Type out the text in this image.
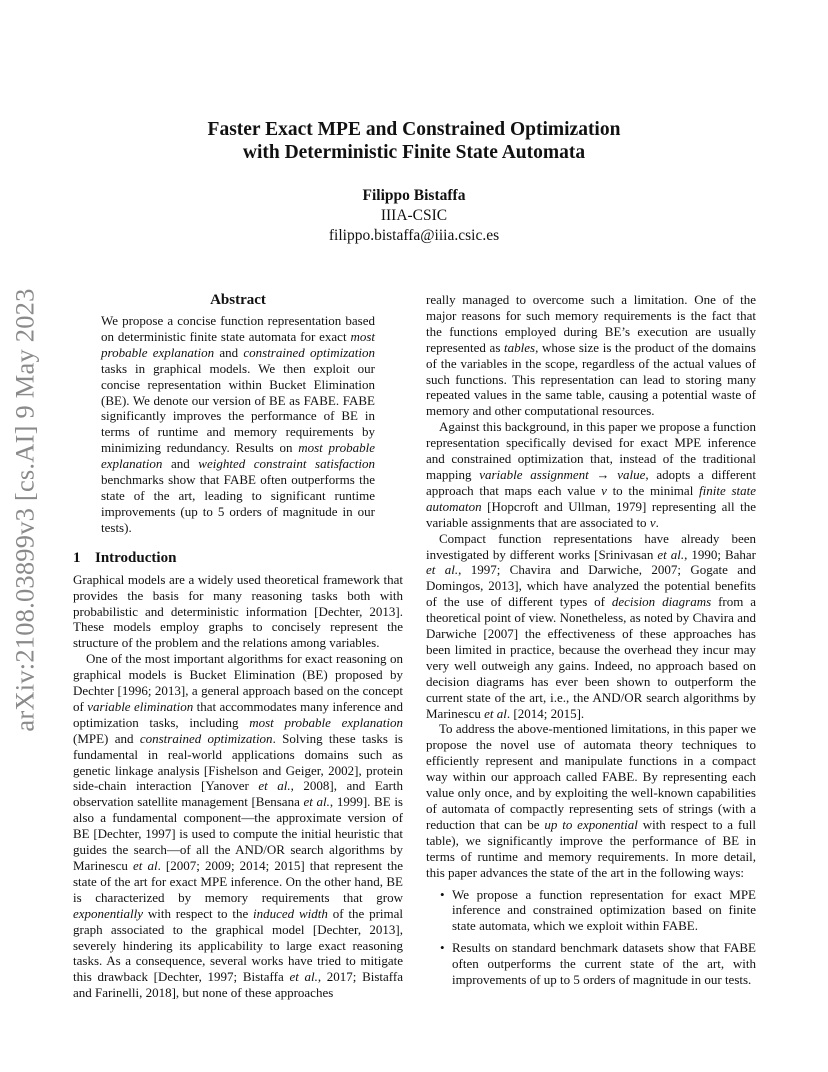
arXiv:2108.03899v3 [cs.AI] 9 May 2023
Faster Exact MPE and Constrained Optimization
with Deterministic Finite State Automata
Filippo Bistaffa
IIIA-CSIC
filippo.bistaffa@iiia.csic.es
Abstract

We propose a concise function representation based on deterministic finite state automata for exact most probable explanation and constrained optimization tasks in graphical models. We then exploit our concise representation within Bucket Elimination (BE). We denote our version of BE as FABE. FABE significantly improves the performance of BE in terms of runtime and memory requirements by minimizing redundancy. Results on most probable explanation and weighted constraint satisfaction benchmarks show that FABE often outperforms the state of the art, leading to significant runtime improvements (up to 5 orders of magnitude in our tests).

1 Introduction

Graphical models are a widely used theoretical framework that provides the basis for many reasoning tasks both with probabilistic and deterministic information [Dechter, 2013]. These models employ graphs to concisely represent the structure of the problem and the relations among variables.

One of the most important algorithms for exact reasoning on graphical models is Bucket Elimination (BE) proposed by Dechter [1996; 2013], a general approach based on the concept of variable elimination that accommodates many inference and optimization tasks, including most probable explanation (MPE) and constrained optimization. Solving these tasks is fundamental in real-world applications domains such as genetic linkage analysis [Fishelson and Geiger, 2002], protein side-chain interaction [Yanover et al., 2008], and Earth observation satellite management [Bensana et al., 1999]. BE is also a fundamental component—the approximate version of BE [Dechter, 1997] is used to compute the initial heuristic that guides the search—of all the AND/OR search algorithms by Marinescu et al. [2007; 2009; 2014; 2015] that represent the state of the art for exact MPE inference. On the other hand, BE is characterized by memory requirements that grow exponentially with respect to the induced width of the primal graph associated to the graphical model [Dechter, 2013], severely hindering its applicability to large exact reasoning tasks. As a consequence, several works have tried to mitigate this drawback [Dechter, 1997; Bistaffa et al., 2017; Bistaffa and Farinelli, 2018], but none of these approaches

really managed to overcome such a limitation. One of the major reasons for such memory requirements is the fact that the functions employed during BE’s execution are usually represented as tables, whose size is the product of the domains of the variables in the scope, regardless of the actual values of such functions. This representation can lead to storing many repeated values in the same table, causing a potential waste of memory and other computational resources.

Against this background, in this paper we propose a function representation specifically devised for exact MPE inference and constrained optimization that, instead of the traditional mapping variable assignment → value, adopts a different approach that maps each value v to the minimal finite state automaton [Hopcroft and Ullman, 1979] representing all the variable assignments that are associated to v.

Compact function representations have already been investigated by different works [Srinivasan et al., 1990; Bahar et al., 1997; Chavira and Darwiche, 2007; Gogate and Domingos, 2013], which have analyzed the potential benefits of the use of different types of decision diagrams from a theoretical point of view. Nonetheless, as noted by Chavira and Darwiche [2007] the effectiveness of these approaches has been limited in practice, because the overhead they incur may very well outweigh any gains. Indeed, no approach based on decision diagrams has ever been shown to outperform the current state of the art, i.e., the AND/OR search algorithms by Marinescu et al. [2014; 2015].

To address the above-mentioned limitations, in this paper we propose the novel use of automata theory techniques to efficiently represent and manipulate functions in a compact way within our approach called FABE. By representing each value only once, and by exploiting the well-known capabilities of automata of compactly representing sets of strings (with a reduction that can be up to exponential with respect to a full table), we significantly improve the performance of BE in terms of runtime and memory requirements. In more detail, this paper advances the state of the art in the following ways:

• We propose a function representation for exact MPE inference and constrained optimization based on finite state automata, which we exploit within FABE.
• Results on standard benchmark datasets show that FABE often outperforms the current state of the art, with improvements of up to 5 orders of magnitude in our tests.
